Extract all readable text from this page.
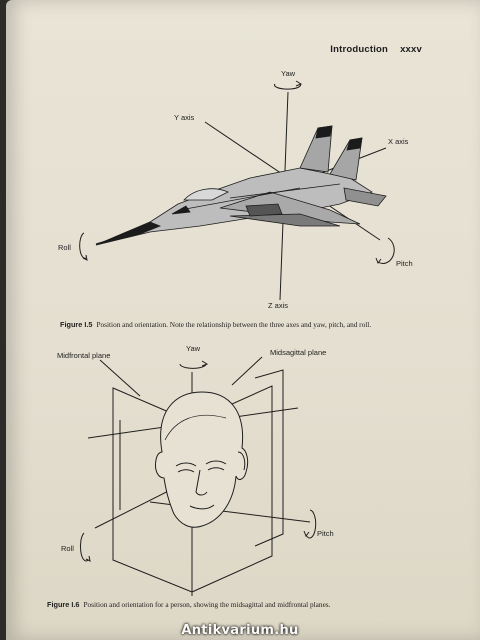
Introduction xxxv
Yaw
Y axis
X axis
Roll
Pitch
Z axis
Figure I.5 Position and orientation. Note the relationship between the three axes and yaw, pitch, and roll.
Midfrontal plane
Yaw	Midsagittal plane
Roll
Pitch
Figure I.6 Position and orientation for a person, showing the midsagittal and midfrontal planes.
Antikvarium.hu
